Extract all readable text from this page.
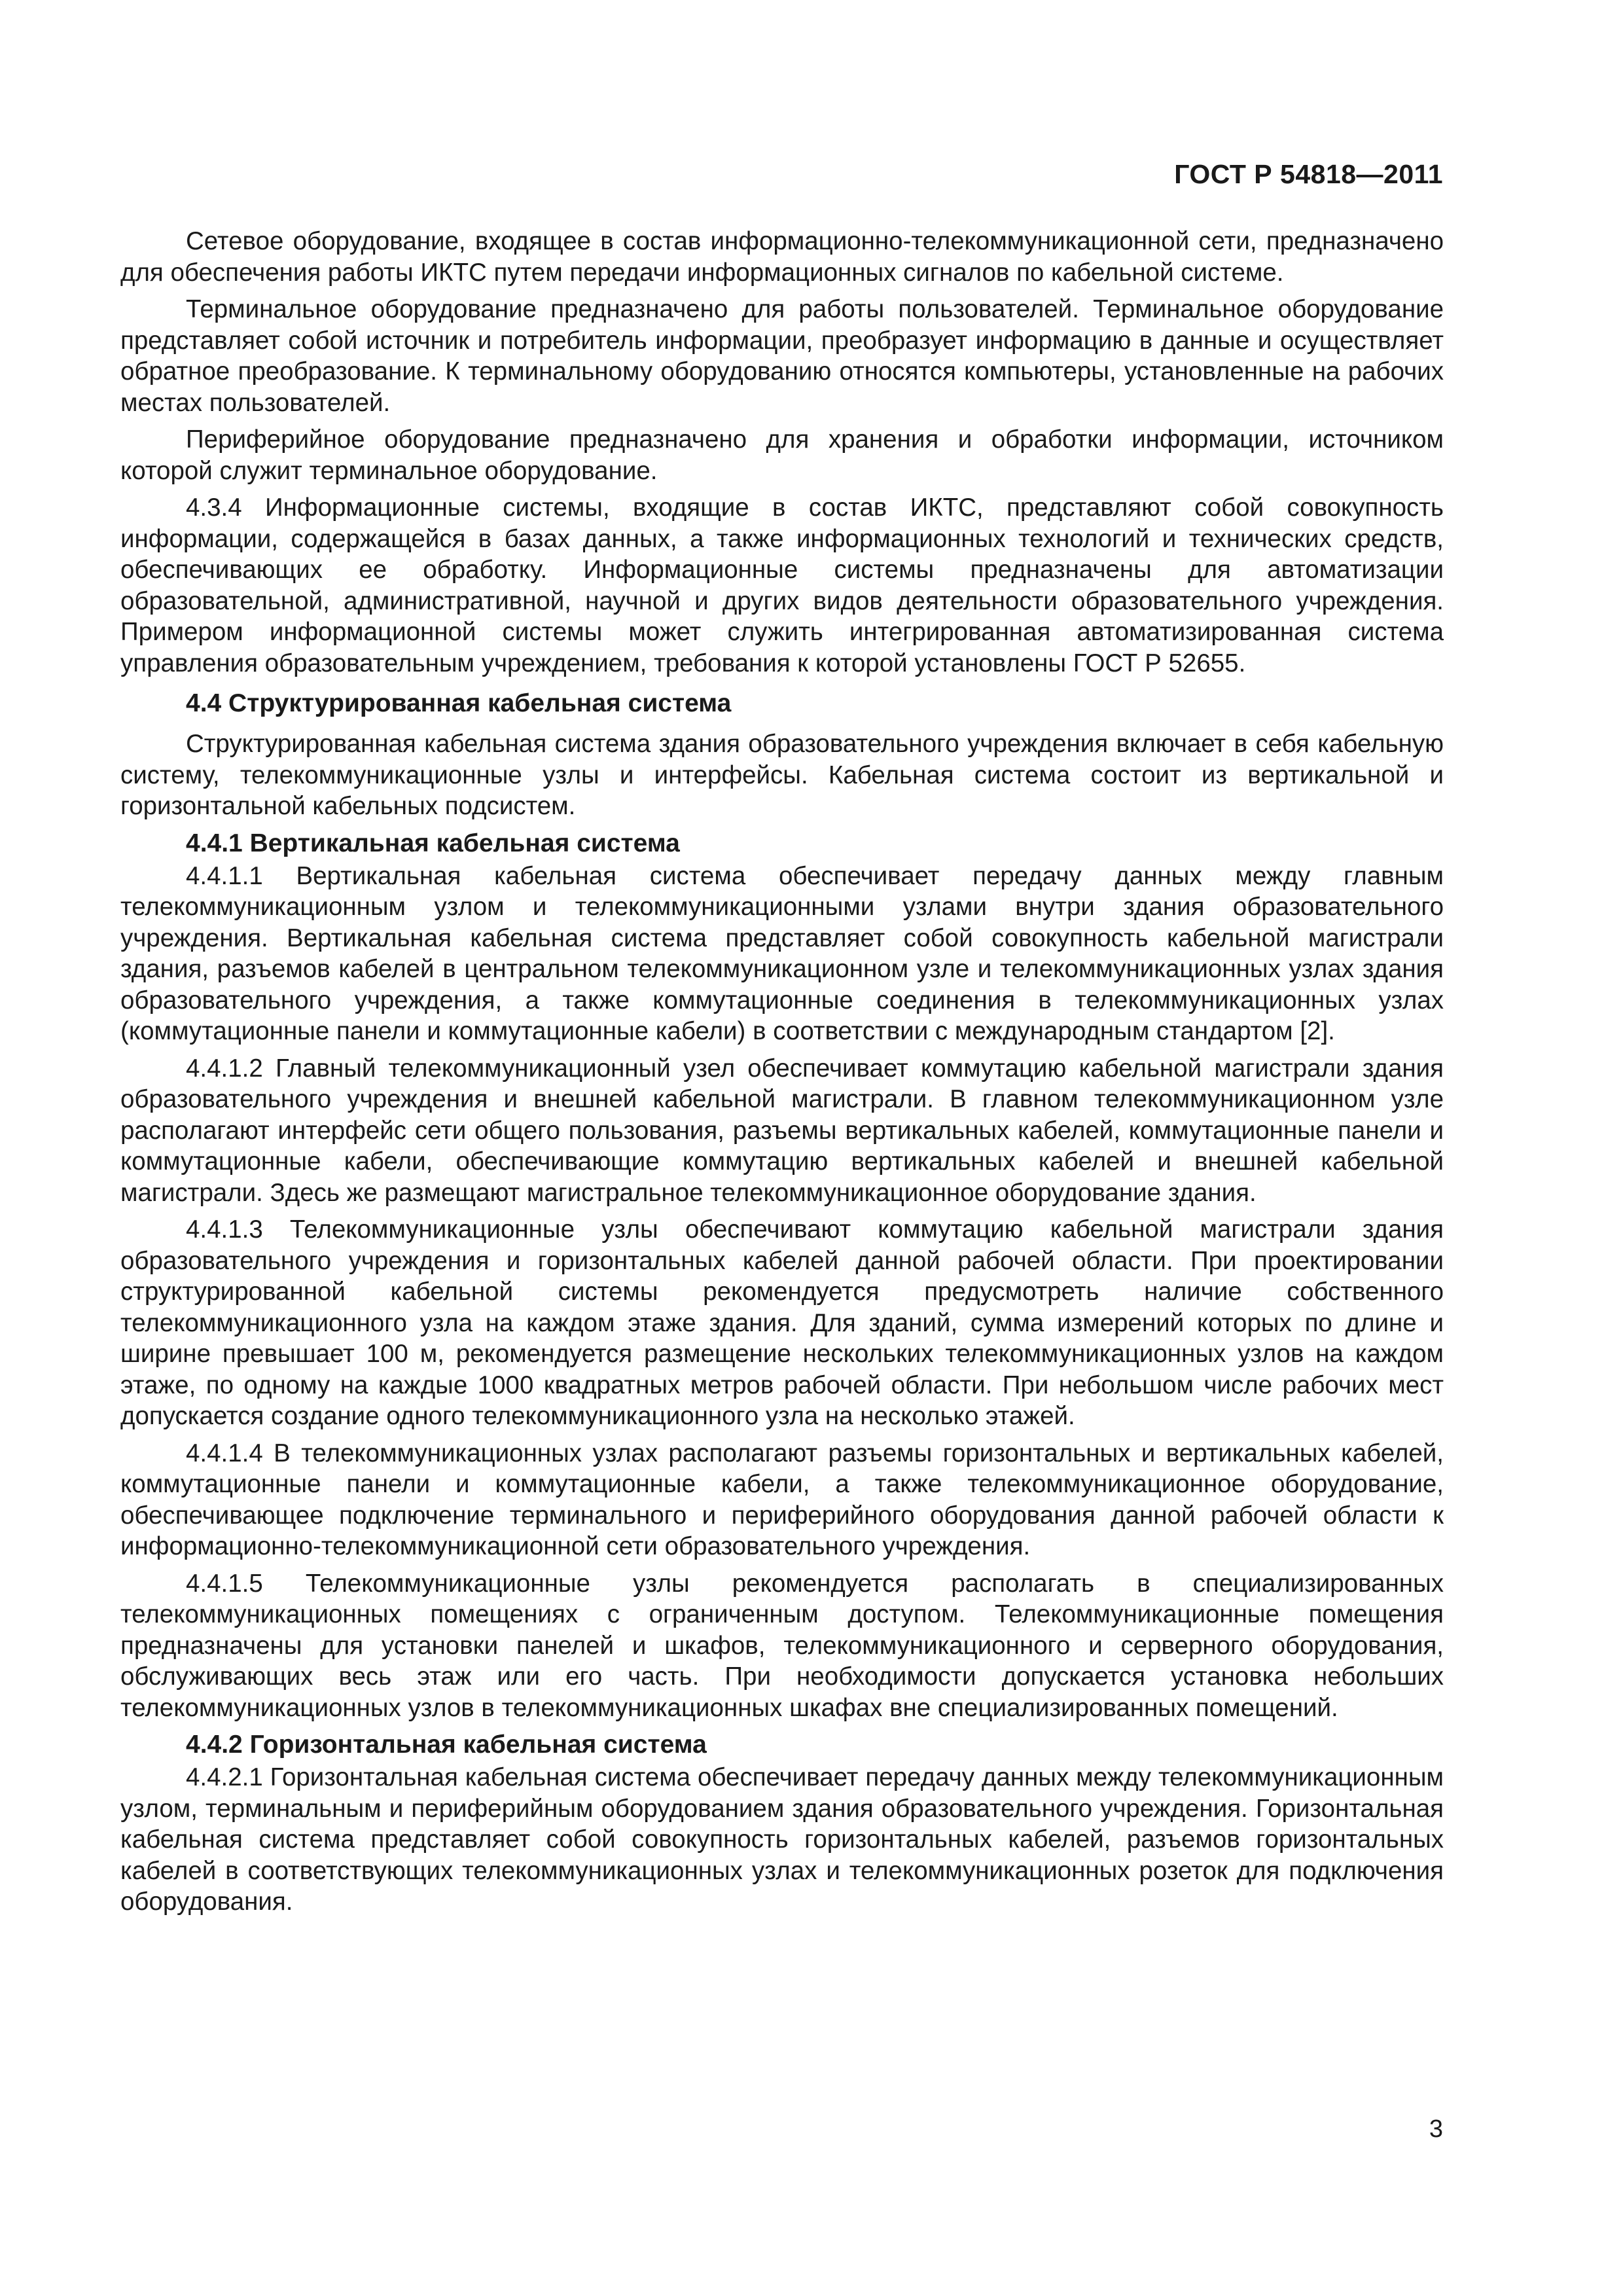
ГОСТ Р 54818—2011

Сетевое оборудование, входящее в состав информационно-телекоммуникационной сети, предназначено для обеспечения работы ИКТС путем передачи информационных сигналов по кабельной системе.

Терминальное оборудование предназначено для работы пользователей. Терминальное оборудование представляет собой источник и потребитель информации, преобразует информацию в данные и осуществляет обратное преобразование. К терминальному оборудованию относятся компьютеры, установленные на рабочих местах пользователей.

Периферийное оборудование предназначено для хранения и обработки информации, источником которой служит терминальное оборудование.

4.3.4 Информационные системы, входящие в состав ИКТС, представляют собой совокупность информации, содержащейся в базах данных, а также информационных технологий и технических средств, обеспечивающих ее обработку. Информационные системы предназначены для автоматизации образовательной, административной, научной и других видов деятельности образовательного учреждения. Примером информационной системы может служить интегрированная автоматизированная система управления образовательным учреждением, требования к которой установлены ГОСТ Р 52655.

4.4 Структурированная кабельная система

Структурированная кабельная система здания образовательного учреждения включает в себя кабельную систему, телекоммуникационные узлы и интерфейсы. Кабельная система состоит из вертикальной и горизонтальной кабельных подсистем.

4.4.1 Вертикальная кабельная система

4.4.1.1 Вертикальная кабельная система обеспечивает передачу данных между главным телекоммуникационным узлом и телекоммуникационными узлами внутри здания образовательного учреждения. Вертикальная кабельная система представляет собой совокупность кабельной магистрали здания, разъемов кабелей в центральном телекоммуникационном узле и телекоммуникационных узлах здания образовательного учреждения, а также коммутационные соединения в телекоммуникационных узлах (коммутационные панели и коммутационные кабели) в соответствии с международным стандартом [2].

4.4.1.2 Главный телекоммуникационный узел обеспечивает коммутацию кабельной магистрали здания образовательного учреждения и внешней кабельной магистрали. В главном телекоммуникационном узле располагают интерфейс сети общего пользования, разъемы вертикальных кабелей, коммутационные панели и коммутационные кабели, обеспечивающие коммутацию вертикальных кабелей и внешней кабельной магистрали. Здесь же размещают магистральное телекоммуникационное оборудование здания.

4.4.1.3 Телекоммуникационные узлы обеспечивают коммутацию кабельной магистрали здания образовательного учреждения и горизонтальных кабелей данной рабочей области. При проектировании структурированной кабельной системы рекомендуется предусмотреть наличие собственного телекоммуникационного узла на каждом этаже здания. Для зданий, сумма измерений которых по длине и ширине превышает 100 м, рекомендуется размещение нескольких телекоммуникационных узлов на каждом этаже, по одному на каждые 1000 квадратных метров рабочей области. При небольшом числе рабочих мест допускается создание одного телекоммуникационного узла на несколько этажей.

4.4.1.4 В телекоммуникационных узлах располагают разъемы горизонтальных и вертикальных кабелей, коммутационные панели и коммутационные кабели, а также телекоммуникационное оборудование, обеспечивающее подключение терминального и периферийного оборудования данной рабочей области к информационно-телекоммуникационной сети образовательного учреждения.

4.4.1.5 Телекоммуникационные узлы рекомендуется располагать в специализированных телекоммуникационных помещениях с ограниченным доступом. Телекоммуникационные помещения предназначены для установки панелей и шкафов, телекоммуникационного и серверного оборудования, обслуживающих весь этаж или его часть. При необходимости допускается установка небольших телекоммуникационных узлов в телекоммуникационных шкафах вне специализированных помещений.

4.4.2 Горизонтальная кабельная система

4.4.2.1 Горизонтальная кабельная система обеспечивает передачу данных между телекоммуникационным узлом, терминальным и периферийным оборудованием здания образовательного учреждения. Горизонтальная кабельная система представляет собой совокупность горизонтальных кабелей, разъемов горизонтальных кабелей в соответствующих телекоммуникационных узлах и телекоммуникационных розеток для подключения оборудования.

3
